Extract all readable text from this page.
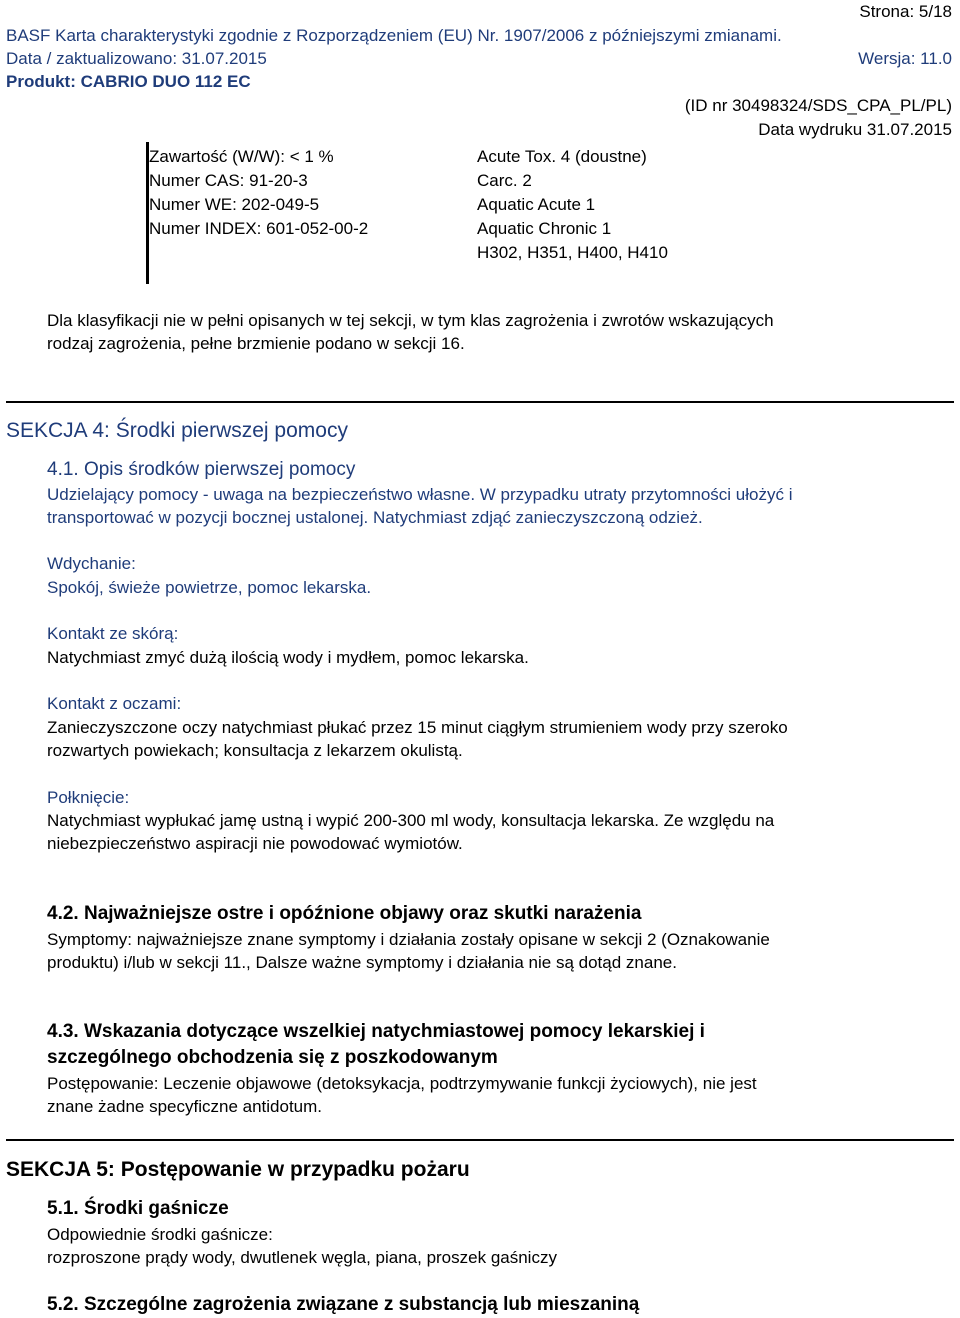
Strona: 5/18
BASF Karta charakterystyki zgodnie z Rozporządzeniem (EU) Nr. 1907/2006 z późniejszymi zmianami.
Data / zaktualizowano: 31.07.2015	Wersja: 11.0
Produkt: CABRIO DUO 112 EC
(ID nr 30498324/SDS_CPA_PL/PL)
Data wydruku 31.07.2015
Zawartość (W/W): < 1 %
Numer CAS: 91-20-3
Numer WE: 202-049-5
Numer INDEX: 601-052-00-2
Acute Tox. 4 (doustne)
Carc. 2
Aquatic Acute 1
Aquatic Chronic 1
H302, H351, H400, H410
Dla klasyfikacji nie w pełni opisanych w tej sekcji, w tym klas zagrożenia i zwrotów wskazujących
rodzaj zagrożenia, pełne brzmienie podano w sekcji 16.
SEKCJA 4: Środki pierwszej pomocy
4.1. Opis środków pierwszej pomocy
Udzielający pomocy - uwaga na bezpieczeństwo własne. W przypadku utraty przytomności ułożyć i
transportować w pozycji bocznej ustalonej. Natychmiast zdjąć zanieczyszczoną odzież.
Wdychanie:
Spokój, świeże powietrze, pomoc lekarska.
Kontakt ze skórą:
Natychmiast zmyć dużą ilością wody i mydłem, pomoc lekarska.
Kontakt z oczami:
Zanieczyszczone oczy natychmiast płukać przez 15 minut ciągłym strumieniem wody przy szeroko
rozwartych powiekach; konsultacja z lekarzem okulistą.
Połknięcie:
Natychmiast wypłukać jamę ustną i wypić 200-300 ml wody, konsultacja lekarska. Ze względu na
niebezpieczeństwo aspiracji nie powodować wymiotów.
4.2. Najważniejsze ostre i opóźnione objawy oraz skutki narażenia
Symptomy: najważniejsze znane symptomy i działania zostały opisane w sekcji 2 (Oznakowanie
produktu) i/lub w sekcji 11., Dalsze ważne symptomy i działania nie są dotąd znane.
4.3. Wskazania dotyczące wszelkiej natychmiastowej pomocy lekarskiej i
szczególnego obchodzenia się z poszkodowanym
Postępowanie: Leczenie objawowe (detoksykacja, podtrzymywanie funkcji życiowych), nie jest
znane żadne specyficzne antidotum.
SEKCJA 5: Postępowanie w przypadku pożaru
5.1. Środki gaśnicze
Odpowiednie środki gaśnicze:
rozproszone prądy wody, dwutlenek węgla, piana, proszek gaśniczy
5.2. Szczególne zagrożenia związane z substancją lub mieszaniną
